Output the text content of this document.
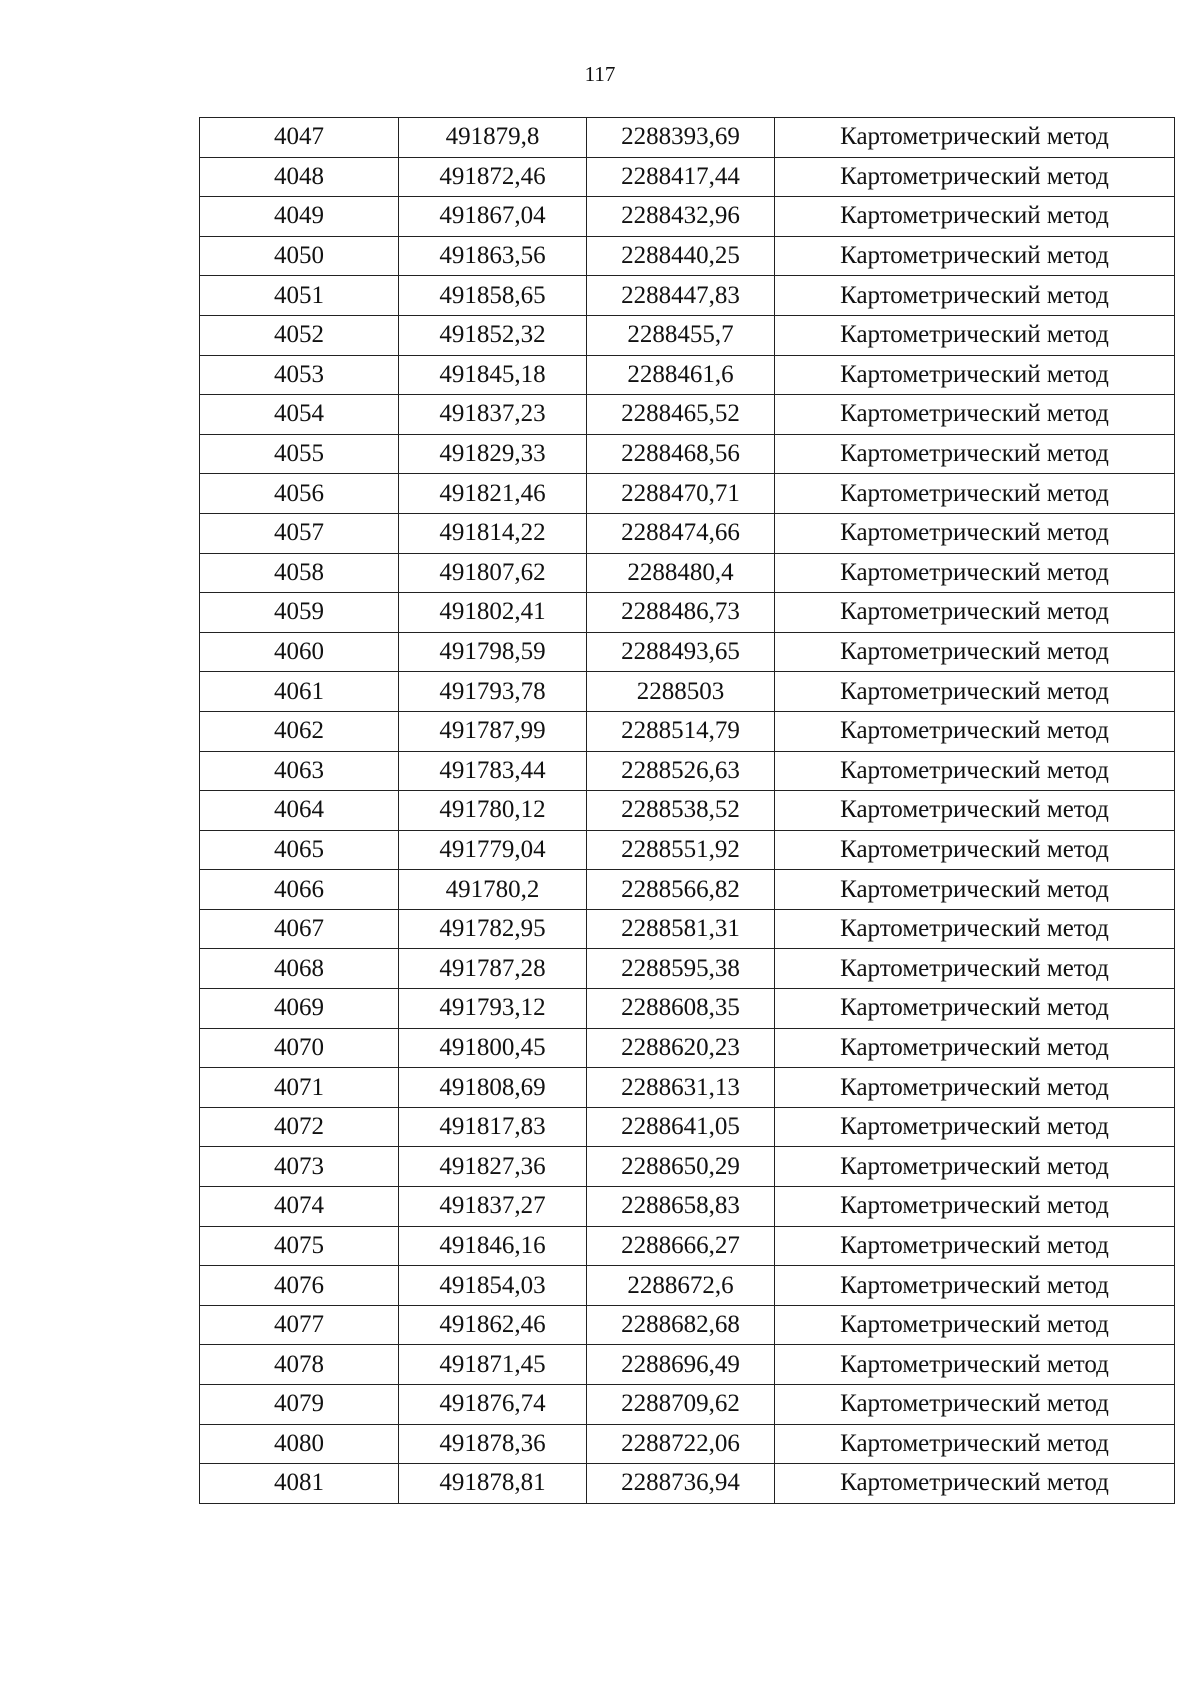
117
4047	491879,8	2288393,69	Картометрический метод
4048	491872,46	2288417,44	Картометрический метод
4049	491867,04	2288432,96	Картометрический метод
4050	491863,56	2288440,25	Картометрический метод
4051	491858,65	2288447,83	Картометрический метод
4052	491852,32	2288455,7	Картометрический метод
4053	491845,18	2288461,6	Картометрический метод
4054	491837,23	2288465,52	Картометрический метод
4055	491829,33	2288468,56	Картометрический метод
4056	491821,46	2288470,71	Картометрический метод
4057	491814,22	2288474,66	Картометрический метод
4058	491807,62	2288480,4	Картометрический метод
4059	491802,41	2288486,73	Картометрический метод
4060	491798,59	2288493,65	Картометрический метод
4061	491793,78	2288503	Картометрический метод
4062	491787,99	2288514,79	Картометрический метод
4063	491783,44	2288526,63	Картометрический метод
4064	491780,12	2288538,52	Картометрический метод
4065	491779,04	2288551,92	Картометрический метод
4066	491780,2	2288566,82	Картометрический метод
4067	491782,95	2288581,31	Картометрический метод
4068	491787,28	2288595,38	Картометрический метод
4069	491793,12	2288608,35	Картометрический метод
4070	491800,45	2288620,23	Картометрический метод
4071	491808,69	2288631,13	Картометрический метод
4072	491817,83	2288641,05	Картометрический метод
4073	491827,36	2288650,29	Картометрический метод
4074	491837,27	2288658,83	Картометрический метод
4075	491846,16	2288666,27	Картометрический метод
4076	491854,03	2288672,6	Картометрический метод
4077	491862,46	2288682,68	Картометрический метод
4078	491871,45	2288696,49	Картометрический метод
4079	491876,74	2288709,62	Картометрический метод
4080	491878,36	2288722,06	Картометрический метод
4081	491878,81	2288736,94	Картометрический метод
